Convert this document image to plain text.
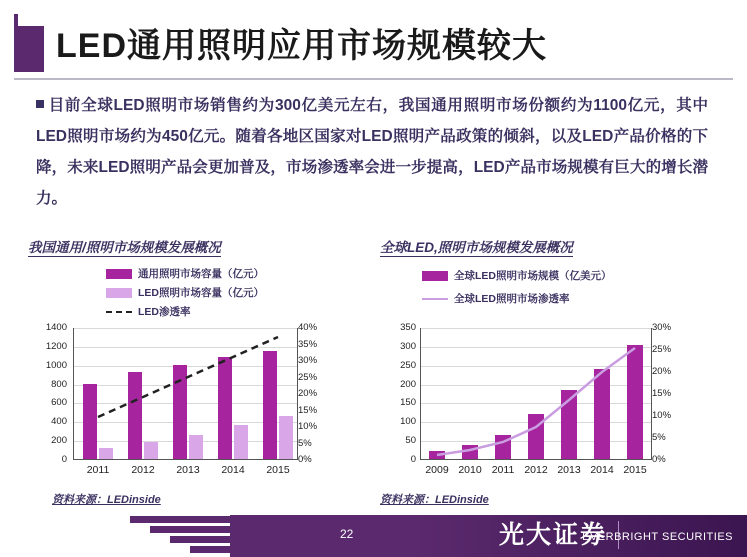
LED通用照明应用市场规模较大
目前全球LED照明市场销售约为300亿美元左右，我国通用照明市场份额约为1100亿元，其中LED照明市场约为450亿元。随着各地区国家对LED照明产品政策的倾斜，以及LED产品价格的下降，未来LED照明产品会更加普及，市场渗透率会进一步提高，LED产品市场规模有巨大的增长潜力。
我国通用/照明市场规模发展概况
通用照明市场容量（亿元）
LED照明市场容量（亿元）
LED渗透率
1400
1200
1000
800
600
400
200
0
40%
35%
30%
25%
20%
15%
10%
5%
0%
2011	2012	2013	2014	2015
资料来源：LEDinside
全球LED,照明市场规模发展概况
全球LED照明市场规模（亿美元）
全球LED照明市场渗透率
350
300
250
200
150
100
50
0
30%
25%
20%
15%
10%
5%
0%
2009 2010 2011 2012 2013 2014 2015
资料来源：LEDinside
22	光大证券
EVERBRIGHT SECURITIES
